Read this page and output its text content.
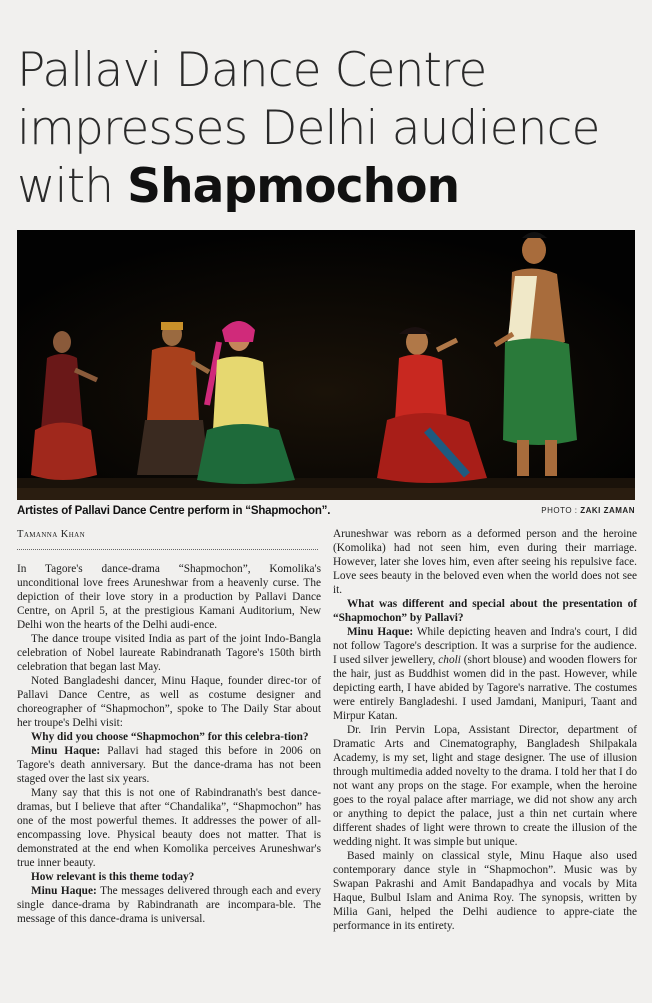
Pallavi Dance Centre
impresses Delhi audience
with Shapmochon
Artistes of Pallavi Dance Centre perform in “Shapmochon”.	PHOTO : ZAKI ZAMAN
Tamanna Khan

In Tagore's dance-drama “Shapmochon”, Komolika's unconditional love frees Aruneshwar from a heavenly curse. The depiction of their love story in a production by Pallavi Dance Centre, on April 5, at the prestigious Kamani Auditorium, New Delhi won the hearts of the Delhi audi-ence.

The dance troupe visited India as part of the joint Indo-Bangla celebration of Nobel laureate Rabindranath Tagore's 150th birth celebration that began last May.

Noted Bangladeshi dancer, Minu Haque, founder direc-tor of Pallavi Dance Centre, as well as costume designer and choreographer of “Shapmochon”, spoke to The Daily Star about her troupe's Delhi visit:

Why did you choose “Shapmochon” for this celebra-tion?

Minu Haque: Pallavi had staged this before in 2006 on Tagore's death anniversary. But the dance-drama has not been staged over the last six years.

Many say that this is not one of Rabindranath's best dance-dramas, but I believe that after “Chandalika”, “Shapmochon” has one of the most powerful themes. It addresses the power of all-encompassing love. Physical beauty does not matter. That is demonstrated at the end when Komolika perceives Aruneshwar's true inner beauty.

How relevant is this theme today?

Minu Haque: The messages delivered through each and every single dance-drama by Rabindranath are incompara-ble. The message of this dance-drama is universal.

Aruneshwar was reborn as a deformed person and the heroine (Komolika) had not seen him, even during their marriage. However, later she loves him, even after seeing his repulsive face. Love sees beauty in the beloved even when the world does not see it.

What was different and special about the presentation of “Shapmochon” by Pallavi?

Minu Haque: While depicting heaven and Indra's court, I did not follow Tagore's description. It was a surprise for the audience. I used silver jewellery, choli (short blouse) and wooden flowers for the hair, just as Buddhist women did in the past. However, while depicting earth, I have abided by Tagore's narrative. The costumes were entirely Bangladeshi. I used Jamdani, Manipuri, Taant and Mirpur Katan.

Dr. Irin Pervin Lopa, Assistant Director, department of Dramatic Arts and Cinematography, Bangladesh Shilpakala Academy, is my set, light and stage designer. The use of illusion through multimedia added novelty to the drama. I told her that I do not want any props on the stage. For example, when the heroine goes to the royal palace after marriage, we did not show any arch or anything to depict the palace, just a thin net curtain where different shades of light were thrown to create the illusion of the wedding night. It was simple but unique.

Based mainly on classical style, Minu Haque also used contemporary dance style in “Shapmochon”. Music was by Swapan Pakrashi and Amit Bandapadhya and vocals by Mita Haque, Bulbul Islam and Anima Roy. The synopsis, written by Milia Gani, helped the Delhi audience to appre-ciate the performance in its entirety.
